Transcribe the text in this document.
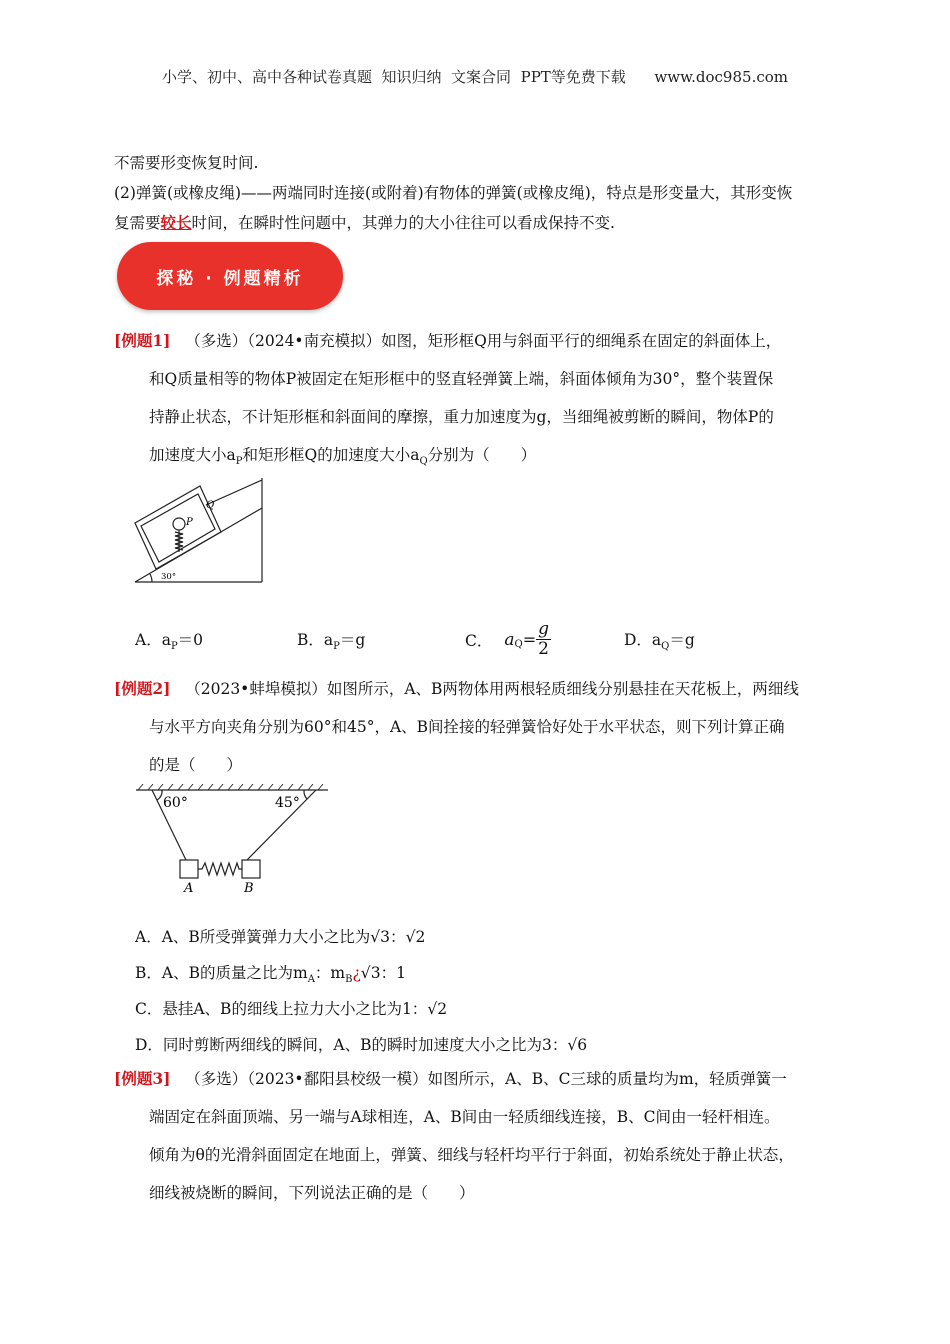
小学、初中、高中各种试卷真题  知识归纳  文案合同  PPT等免费下载      www.doc985.com
不需要形变恢复时间.
(2)弹簧(或橡皮绳)——两端同时连接(或附着)有物体的弹簧(或橡皮绳)，特点是形变量大，其形变恢
复需要较长时间，在瞬时性问题中，其弹力的大小往往可以看成保持不变.
探秘 · 例题精析
[例题1] （多选）（2024•南充模拟）如图，矩形框Q用与斜面平行的细绳系在固定的斜面体上，
和Q质量相等的物体P被固定在矩形框中的竖直轻弹簧上端，斜面体倾角为30°，整个装置保
持静止状态，不计矩形框和斜面间的摩擦，重力加速度为g，当细绳被剪断的瞬间，物体P的
加速度大小$a_P$和矩形框Q的加速度大小$a_Q$分别为（　　）
Q
P
30°
A．$a_P=0$	B．$a_P=g$	C． $a_Q = \frac{g}{2}$	D．$a_Q=g$
[例题2] （2023•蚌埠模拟）如图所示，A、B两物体用两根轻质细线分别悬挂在天花板上，两细线
与水平方向夹角分别为60°和45°，A、B间拴接的轻弹簧恰好处于水平状态，则下列计算正确
的是（　　）
60°	45°
A	B
A．A、B所受弹簧弹力大小之比为√3：√2
B．A、B的质量之比为$m_A$：$m_B¿√3$：1
C．悬挂A、B的细线上拉力大小之比为1：√2
D．同时剪断两细线的瞬间，A、B的瞬时加速度大小之比为3：√6
[例题3] （多选）（2023•鄱阳县校级一模）如图所示，A、B、C三球的质量均为m，轻质弹簧一
端固定在斜面顶端、另一端与A球相连，A、B间由一轻质细线连接，B、C间由一轻杆相连。
倾角为θ的光滑斜面固定在地面上，弹簧、细线与轻杆均平行于斜面，初始系统处于静止状态，
细线被烧断的瞬间，下列说法正确的是（　　）
